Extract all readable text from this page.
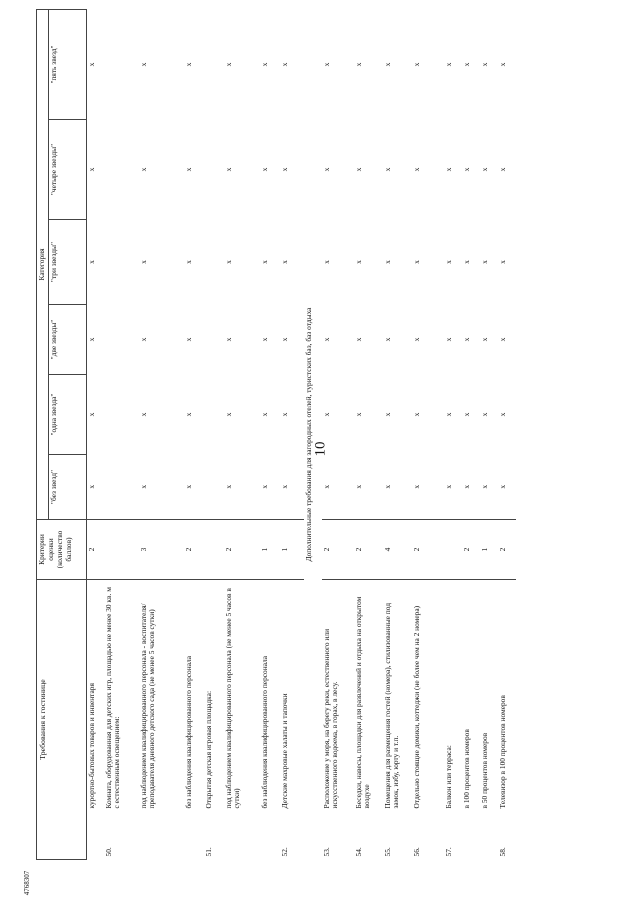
10
Требования к гостинице		Критерии оценки (количество баллов)	Категория					
			"без звезд"	"одна звезда"	"две звезды"	"три звезды"	"четыре звезды"	"пять звезд"
	курортно-бытовых товаров и инвентаря	2	x	x	x	x	x	x
50.	Комната, оборудованная для детских игр, площадью не менее 30 кв. м с естественным освещением:							
	под наблюдением квалифицированного персонала - воспитателя/преподавателя дневного детского сада (не менее 5 часов сутки)	3	x	x	x	x	x	x
	без наблюдения квалифицированного персонала	2	x	x	x	x	x	x
51.	Открытая детская игровая площадка:							
	под наблюдением квалифицированного персонала (не менее 5 часов в сутки)	2	x	x	x	x	x	x
	без наблюдения квалифицированного персонала	1	x	x	x	x	x	x
52.	Детские махровые халаты и тапочки	1	x	x	x	x	x	x
Дополнительные требования для загородных отелей, туристских баз, баз отдыха								
53.	Расположение у моря, на берегу реки, естественного или искусственного водоема, в горах, в лесу.	2	x	x	x	x	x	x
54.	Беседки, навесы, площадки для развлечений и отдыха на открытом воздухе	2	x	x	x	x	x	x
55.	Помещения для размещения гостей (номера), стилизованные под замок, избу, юрту и т.п.	4	x	x	x	x	x	x
56.	Отдельно стоящие домики, коттеджи (не более чем на 2 номера)	2	x	x	x	x	x	x
57.	Балкон или терраса:		x	x	x	x	x	x
	в 100 процентов номеров	2	x	x	x	x	x	x
	в 50 процентов номеров	1	x	x	x	x	x	x
58.	Телевизор в 100 процентов номеров	2	x	x	x	x	x	x
4768307
